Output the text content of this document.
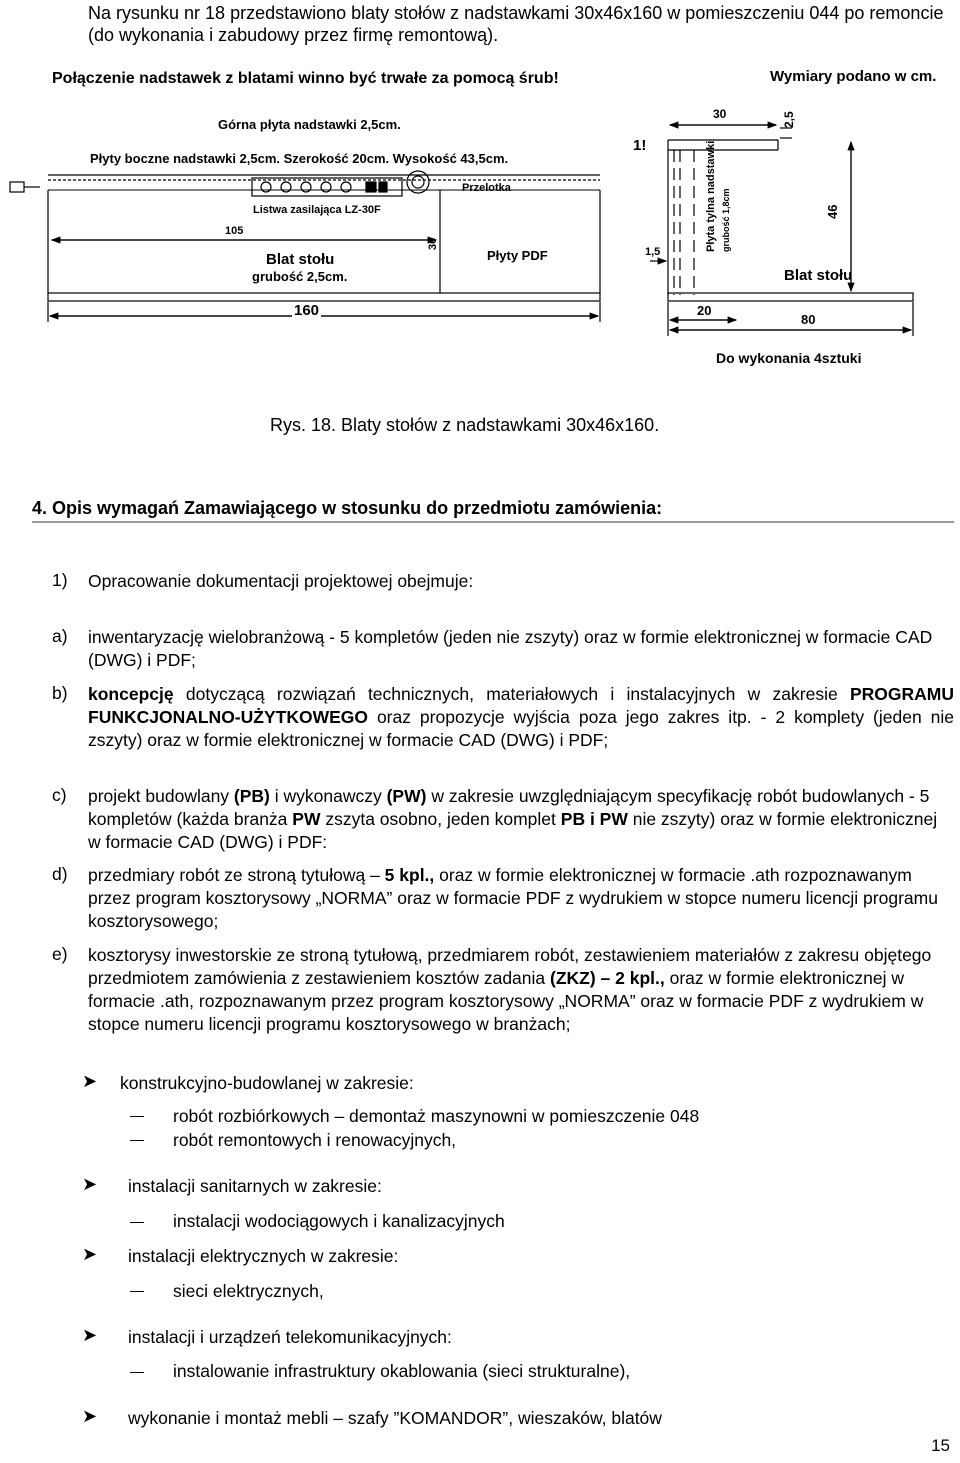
Na rysunku nr 18 przedstawiono blaty stołów z nadstawkami 30x46x160 w pomieszczeniu 044 po remoncie (do wykonania i zabudowy przez firmę remontową).
Połączenie nadstawek z blatami winno być trwałe za pomocą śrub!	Wymiary podano w cm.
Górna płyta nadstawki 2,5cm.
Płyty boczne nadstawki 2,5cm. Szerokość 20cm. Wysokość 43,5cm.
Listwa zasilająca LZ-30F
Przelotka
105
30
Blat stołu
grubość 2,5cm.
Płyty PDF
160
1!
30	2,5
1,5	Płyta tylna nadstawki grubość 1,8cm	46
Blat stołu
20
80
Do wykonania 4sztuki
Rys. 18. Blaty stołów z nadstawkami 30x46x160.
4. Opis wymagań Zamawiającego w stosunku do przedmiotu zamówienia:
1) Opracowanie dokumentacji projektowej obejmuje:
a) inwentaryzację wielobranżową - 5 kompletów (jeden nie zszyty) oraz w formie elektronicznej w formacie CAD (DWG) i PDF;
b) koncepcję dotyczącą rozwiązań technicznych, materiałowych i instalacyjnych w zakresie PROGRAMU FUNKCJONALNO-UŻYTKOWEGO oraz propozycje wyjścia poza jego zakres itp. - 2 komplety (jeden nie zszyty) oraz w formie elektronicznej w formacie CAD (DWG) i PDF;
c) projekt budowlany (PB) i wykonawczy (PW) w zakresie uwzględniającym specyfikację robót budowlanych - 5 kompletów (każda branża PW zszyta osobno, jeden komplet PB i PW nie zszyty) oraz w formie elektronicznej w formacie CAD (DWG) i PDF:
d) przedmiary robót ze stroną tytułową – 5 kpl., oraz w formie elektronicznej w formacie .ath rozpoznawanym przez program kosztorysowy „NORMA” oraz w formacie PDF z wydrukiem w stopce numeru licencji programu kosztorysowego;
e) kosztorysy inwestorskie ze stroną tytułową, przedmiarem robót, zestawieniem materiałów z zakresu objętego przedmiotem zamówienia z zestawieniem kosztów zadania (ZKZ) – 2 kpl., oraz w formie elektronicznej w formacie .ath, rozpoznawanym przez program kosztorysowy „NORMA” oraz w formacie PDF z wydrukiem w stopce numeru licencji programu kosztorysowego w branżach;
➤ konstrukcyjno-budowlanej w zakresie:
robót rozbiórkowych – demontaż maszynowni w pomieszczenie 048
robót remontowych i renowacyjnych,
➤ instalacji sanitarnych w zakresie:
instalacji wodociągowych i kanalizacyjnych
➤ instalacji elektrycznych w zakresie:
sieci elektrycznych,
➤ instalacji i urządzeń telekomunikacyjnych:
instalowanie infrastruktury okablowania (sieci strukturalne),
➤ wykonanie i montaż mebli – szafy ”KOMANDOR”, wieszaków, blatów
15
